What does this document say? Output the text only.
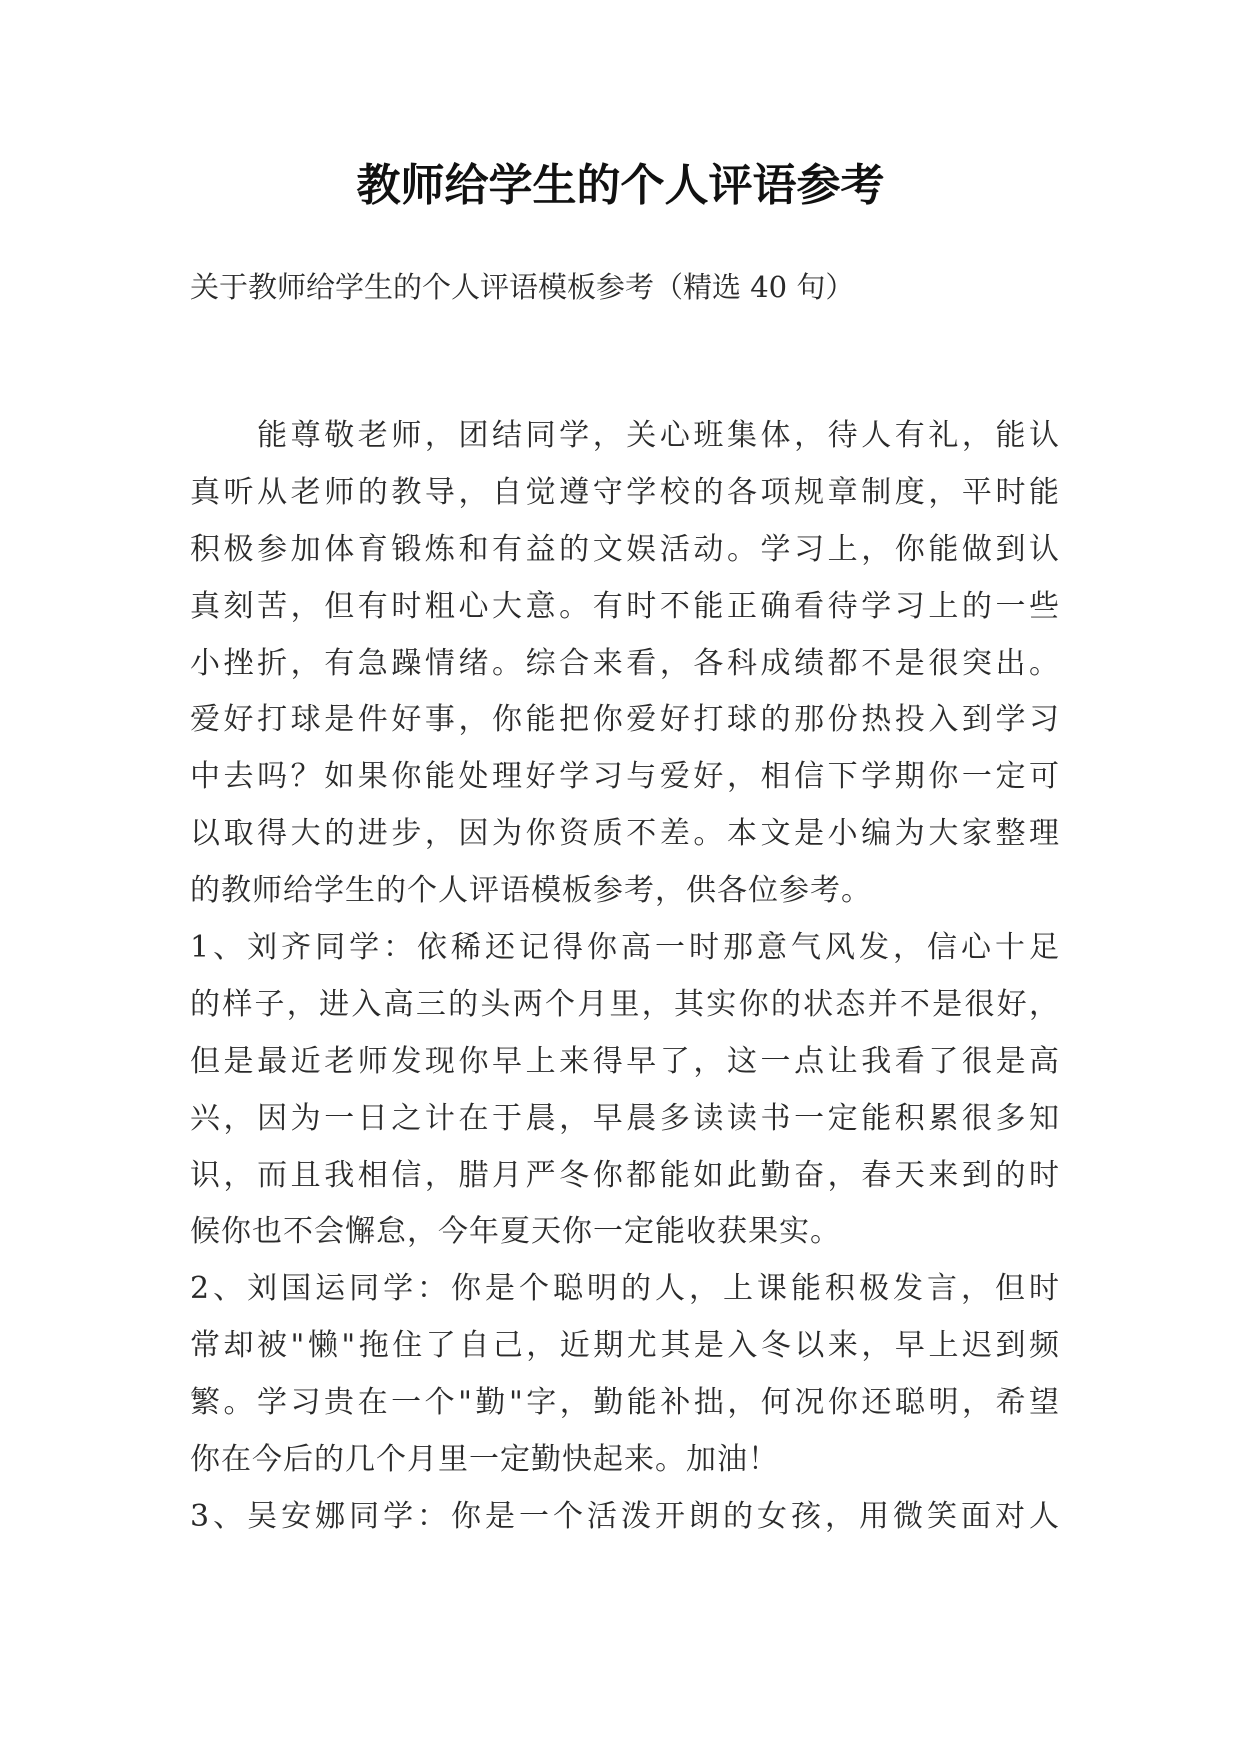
教师给学生的个人评语参考

关于教师给学生的个人评语模板参考（精选 40 句）

　　能尊敬老师，团结同学，关心班集体，待人有礼，能认

真听从老师的教导，自觉遵守学校的各项规章制度，平时能

积极参加体育锻炼和有益的文娱活动。学习上，你能做到认

真刻苦，但有时粗心大意。有时不能正确看待学习上的一些

小挫折，有急躁情绪。综合来看，各科成绩都不是很突出。

爱好打球是件好事，你能把你爱好打球的那份热投入到学习

中去吗？如果你能处理好学习与爱好，相信下学期你一定可

以取得大的进步，因为你资质不差。本文是小编为大家整理

的教师给学生的个人评语模板参考，供各位参考。

1、刘齐同学：依稀还记得你高一时那意气风发，信心十足

的样子，进入高三的头两个月里，其实你的状态并不是很好，

但是最近老师发现你早上来得早了，这一点让我看了很是高

兴，因为一日之计在于晨，早晨多读读书一定能积累很多知

识，而且我相信，腊月严冬你都能如此勤奋，春天来到的时

候你也不会懈怠，今年夏天你一定能收获果实。

2、刘国运同学：你是个聪明的人，上课能积极发言，但时

常却被"懒"拖住了自己，近期尤其是入冬以来，早上迟到频

繁。学习贵在一个"勤"字，勤能补拙，何况你还聪明，希望

你在今后的几个月里一定勤快起来。加油！

3、吴安娜同学：你是一个活泼开朗的女孩，用微笑面对人
